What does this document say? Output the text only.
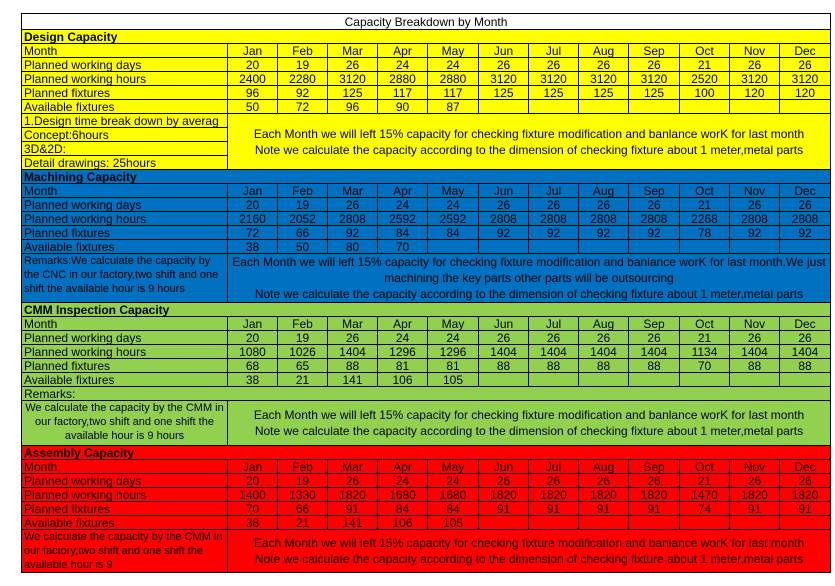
Capacity Breakdown by Month												
Design Capacity												
Month	Jan	Feb	Mar	Apr	May	Jun	Jul	Aug	Sep	Oct	Nov	Dec
Planned working days	20	19	26	24	24	26	26	26	26	21	26	26
Planned working hours	2400	2280	3120	2880	2880	3120	3120	3120	3120	2520	3120	3120
Planned fixtures	96	92	125	117	117	125	125	125	125	100	120	120
Available fixtures	50	72	96	90	87							
1.Design time break down by averag	Each Month we will left 15% capacity for checking fixture modification and banlance worK for last month
Note we calculate the capacity according to the dimension of checking fixture about 1 meter,metal parts											

Concept:6hours												
3D&2D:												
Detail drawings: 25hours												
Machining Capacity												
Month	Jan	Feb	Mar	Apr	May	Jun	Jul	Aug	Sep	Oct	Nov	Dec
Planned working days	20	19	26	24	24	26	26	26	26	21	26	26
Planned working hours	2160	2052	2808	2592	2592	2808	2808	2808	2808	2268	2808	2808
Planned fixtures	72	66	92	84	84	92	92	92	92	78	92	92
Available fixtures	38	50	80	70								
Remarks:We calculate the capacity by the CNC in our factory,two shift and one shift the available hour is 9 hours	Each Month we will left 15% capacity for checking fixture modification and banlance worK for last month.We just machining the key parts other parts will be outsourcing
Note we calculate the capacity according to the dimension of checking fixture about 1 meter,metal parts											

CMM Inspection Capacity												
Month	Jan	Feb	Mar	Apr	May	Jun	Jul	Aug	Sep	Oct	Nov	Dec
Planned working days	20	19	26	24	24	26	26	26	26	21	26	26
Planned working hours	1080	1026	1404	1296	1296	1404	1404	1404	1404	1134	1404	1404
Planned fixtures	68	65	88	81	81	88	88	88	88	70	88	88
Available fixtures	38	21	141	106	105							
Remarks:												
We calculate the capacity by the CMM in our factory,two shift and one shift the available hour is 9 hours	Each Month we will left 15% capacity for checking fixture modification and banlance worK for last month
Note we calculate the capacity according to the dimension of checking fixture about 1 meter,metal parts											

Assembly Capacity												
Month	Jan	Feb	Mar	Apr	May	Jun	Jul	Aug	Sep	Oct	Nov	Dec
Planned working days	20	19	26	24	24	26	26	26	26	21	26	26
Planned working hours	1400	1330	1820	1680	1680	1820	1820	1820	1820	1470	1820	1820
Planned fixtures	70	66	91	84	84	91	91	91	91	74	91	91
Available fixtures	38	21	141	106	105							
We calculate the capacity by the CMM in our factory,two shift and one shift the available hour is 9	Each Month we will left 15% capacity for checking fixture modification and banlance worK for last month
Note we calculate the capacity according to the dimension of checking fixture about 1 meter,metal parts											
